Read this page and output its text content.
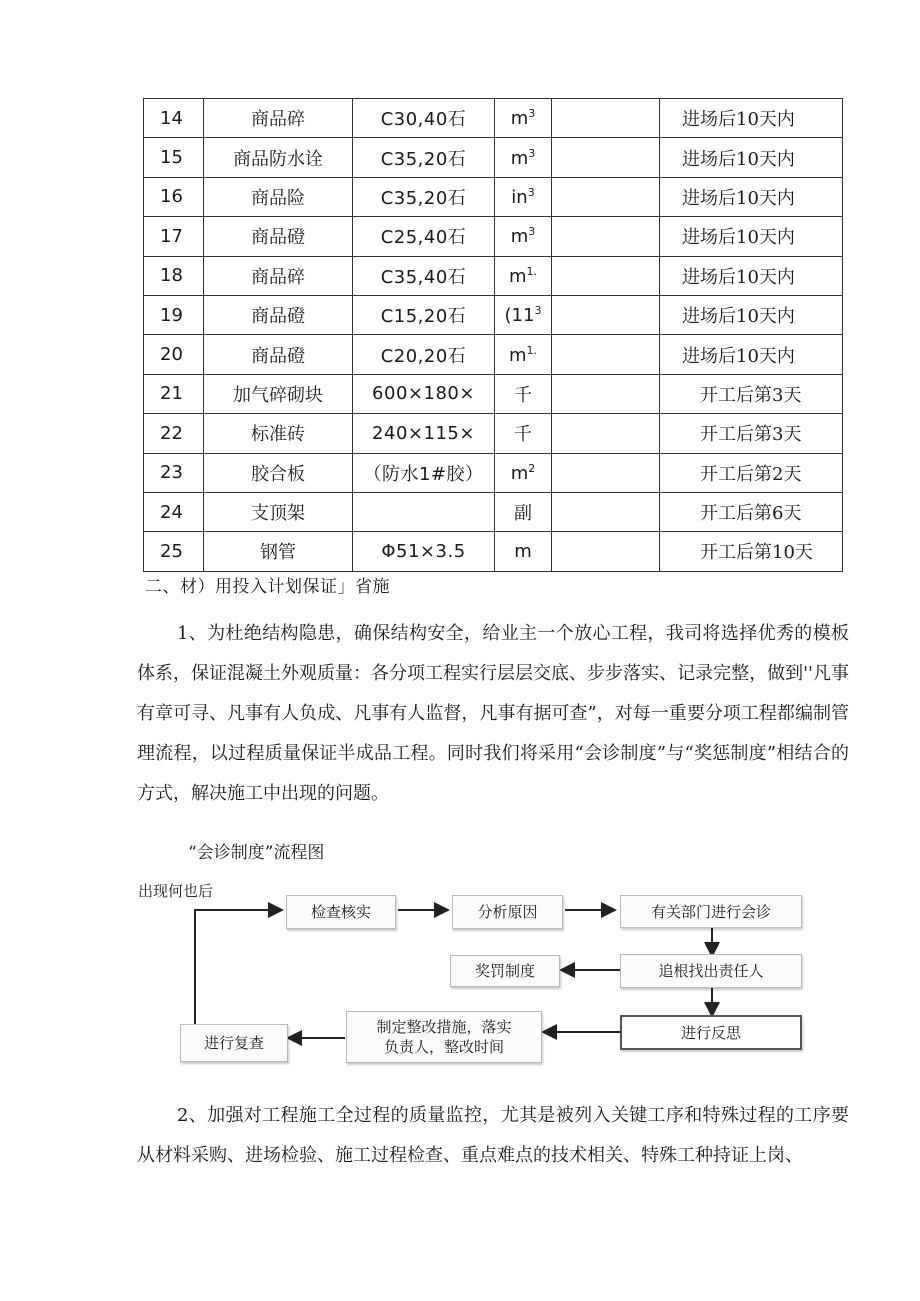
14	商品碎	C30,40石	$m^3$		进场后10天内
15	商品防水诠	C35,20石	$m^3$		进场后10天内
16	商品险	C35,20石	$in^3$		进场后10天内
17	商品磴	C25,40石	$m^3$		进场后10天内
18	商品碎	C35,40石	$m^{1.}$		进场后10天内
19	商品磴	C15,20石	($11^3$		进场后10天内
20	商品磴	C20,20石	$m^{1.}$		进场后10天内
21	加气碎砌块	600×180×	千		开工后第3天
22	标准砖	240×115×	千		开工后第3天
23	胶合板	（防水1#胶）	$m^2$		开工后第2天
24	支顶架		副		开工后第6天
25	钢管	Φ51×3.5	m		开工后第10天
二、材）用投入计划保证」省施
1、为杜绝结构隐患，确保结构安全，给业主一个放心工程，我司将选择优秀的模板体系，保证混凝土外观质量：各分项工程实行层层交底、步步落实、记录完整，做到''凡事有章可寻、凡事有人负成、凡事有人监督，凡事有据可查”，对每一重要分项工程都编制管理流程，以过程质量保证半成品工程。同时我们将采用“会诊制度”与“奖惩制度”相结合的方式，解决施工中出现的问题。
“会诊制度”流程图
出现何也后
检查核实	分析原因	有关部门进行会诊
奖罚制度	追根找出责任人
进行反思
制定整改措施，落实负责人，整改时间
进行复查
2、加强对工程施工全过程的质量监控，尤其是被列入关键工序和特殊过程的工序要从材料采购、进场检验、施工过程检查、重点难点的技术相关、特殊工种持证上岗、
